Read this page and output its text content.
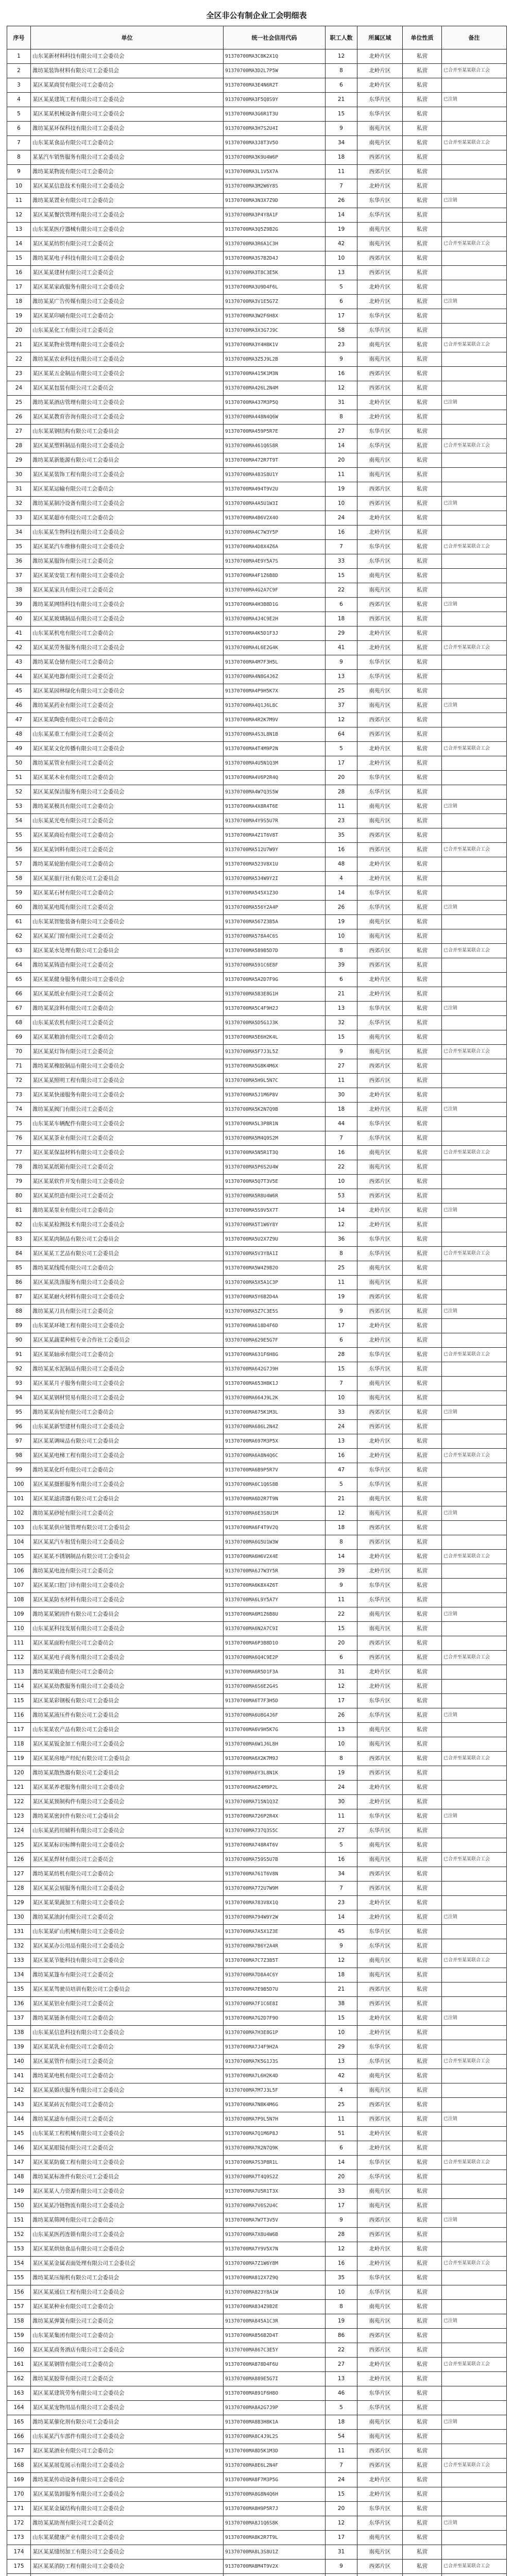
全区非公有制企业工会明细表
序号	单位	统一社会信用代码	职工人数	所属区域	单位性质	备注
1	山东某新材料科技有限公司工会委员会	91370700MA3C8K2X1Q	12	北岭片区	私营	
2	潍坊某装饰材料有限公司工会委员会	91370700MA3D2L7P5W	8	北岭片区	私营	已合并至某某联合工会
3	某区某某商贸有限公司工会委员会	91370700MA3E4N6R2T	6	北岭片区	私营	
4	某区某某建筑工程有限公司工会委员会	91370700MA3F5Q8S9Y	21	东华片区	私营	已注销
5	某区某某机械设备有限公司工会委员会	91370700MA3G6R1T3U	15	东华片区	私营	
6	潍坊某某环保科技有限公司工会委员会	91370700MA3H7S2U4I	9	南苑片区	私营	
7	山东某某食品有限公司工会委员会	91370700MA3J8T3V5O	34	南苑片区	私营	已合并至某某联合工会
8	某某汽车销售服务有限公司工会委员会	91370700MA3K9U4W6P	18	西郊片区	私营	
9	潍坊某某物流有限公司工会委员会	91370700MA3L1V5X7A	11	西郊片区	私营	
10	某区某某信息技术有限公司工会委员会	91370700MA3M2W6Y8S	7	北岭片区	私营	
11	潍坊某某置业有限公司工会委员会	91370700MA3N3X7Z9D	26	东华片区	私营	已注销
12	某区某某餐饮管理有限公司工会委员会	91370700MA3P4Y8A1F	14	东华片区	私营	
13	山东某某医疗器械有限公司工会委员会	91370700MA3Q5Z9B2G	19	南苑片区	私营	
14	某区某某纺织有限公司工会委员会	91370700MA3R6A1C3H	42	南苑片区	私营	已合并至某某联合工会
15	潍坊某某电子科技有限公司工会委员会	91370700MA3S7B2D4J	10	西郊片区	私营	
16	某区某某建材有限公司工会委员会	91370700MA3T8C3E5K	13	西郊片区	私营	
17	某区某某家政服务有限公司工会委员会	91370700MA3U9D4F6L	5	北岭片区	私营	
18	潍坊某某广告传媒有限公司工会委员会	91370700MA3V1E5G7Z	6	北岭片区	私营	已注销
19	某区某某印刷有限公司工会委员会	91370700MA3W2F6H8X	17	东华片区	私营	
20	山东某某化工有限公司工会委员会	91370700MA3X3G7J9C	58	东华片区	私营	
21	某区某某物业管理有限公司工会委员会	91370700MA3Y4H8K1V	23	南苑片区	私营	已合并至某某联合工会
22	潍坊某某农业科技有限公司工会委员会	91370700MA3Z5J9L2B	9	南苑片区	私营	
23	某区某某五金制品有限公司工会委员会	91370700MA415K1M3N	16	西郊片区	私营	
24	某区某某包装有限公司工会委员会	91370700MA426L2N4M	12	西郊片区	私营	
25	潍坊某某酒店管理有限公司工会委员会	91370700MA437M3P5Q	31	北岭片区	私营	已注销
26	某区某某教育咨询有限公司工会委员会	91370700MA448N4Q6W	8	北岭片区	私营	
27	山东某某钢结构有限公司工会委员会	91370700MA459P5R7E	27	东华片区	私营	
28	某区某某塑料制品有限公司工会委员会	91370700MA461Q6S8R	14	东华片区	私营	已合并至某某联合工会
29	潍坊某某新能源有限公司工会委员会	91370700MA472R7T9T	20	南苑片区	私营	
30	某区某某装饰工程有限公司工会委员会	91370700MA483S8U1Y	11	南苑片区	私营	
31	某区某某运输有限公司工会委员会	91370700MA494T9V2U	19	西郊片区	私营	
32	潍坊某某制冷设备有限公司工会委员会	91370700MA4A5U1W3I	10	西郊片区	私营	已注销
33	某区某某超市有限公司工会委员会	91370700MA4B6V2X4O	24	北岭片区	私营	
34	山东某某生物科技有限公司工会委员会	91370700MA4C7W3Y5P	16	北岭片区	私营	
35	某区某某汽车维修有限公司工会委员会	91370700MA4D8X4Z6A	7	东华片区	私营	已合并至某某联合工会
36	潍坊某某服饰有限公司工会委员会	91370700MA4E9Y5A7S	33	东华片区	私营	
37	某区某某安装工程有限公司工会委员会	91370700MA4F1Z6B8D	15	南苑片区	私营	
38	某区某某家具有限公司工会委员会	91370700MA4G2A7C9F	22	南苑片区	私营	
39	潍坊某某网络科技有限公司工会委员会	91370700MA4H3B8D1G	6	西郊片区	私营	已注销
40	某区某某玻璃制品有限公司工会委员会	91370700MA4J4C9E2H	18	西郊片区	私营	
41	山东某某机电有限公司工会委员会	91370700MA4K5D1F3J	29	北岭片区	私营	
42	某区某某劳务服务有限公司工会委员会	91370700MA4L6E2G4K	41	北岭片区	私营	已合并至某某联合工会
43	潍坊某某仓储有限公司工会委员会	91370700MA4M7F3H5L	9	东华片区	私营	
44	某区某某电器有限公司工会委员会	91370700MA4N8G4J6Z	13	东华片区	私营	
45	某区某某园林绿化有限公司工会委员会	91370700MA4P9H5K7X	25	南苑片区	私营	
46	潍坊某某药业有限公司工会委员会	91370700MA4Q1J6L8C	37	南苑片区	私营	已注销
47	某区某某陶瓷有限公司工会委员会	91370700MA4R2K7M9V	12	西郊片区	私营	
48	山东某某重工有限公司工会委员会	91370700MA4S3L8N1B	64	西郊片区	私营	
49	某区某某文化传播有限公司工会委员会	91370700MA4T4M9P2N	5	北岭片区	私营	已合并至某某联合工会
50	潍坊某某管业有限公司工会委员会	91370700MA4U5N1Q3M	17	北岭片区	私营	
51	某区某某木业有限公司工会委员会	91370700MA4V6P2R4Q	20	东华片区	私营	
52	某区某某保洁服务有限公司工会委员会	91370700MA4W7Q3S5W	28	东华片区	私营	
53	潍坊某某模具有限公司工会委员会	91370700MA4X8R4T6E	11	南苑片区	私营	已注销
54	山东某某光电有限公司工会委员会	91370700MA4Y9S5U7R	23	南苑片区	私营	
55	某区某某商砼有限公司工会委员会	91370700MA4Z1T6V8T	35	西郊片区	私营	
56	某区某某饲料有限公司工会委员会	91370700MA512U7W9Y	16	西郊片区	私营	已合并至某某联合工会
57	潍坊某某轮胎有限公司工会委员会	91370700MA523V8X1U	48	北岭片区	私营	
58	某区某某旅行社有限公司工会委员会	91370700MA534W9Y2I	4	北岭片区	私营	
59	某区某某石材有限公司工会委员会	91370700MA545X1Z3O	14	东华片区	私营	
60	潍坊某某电缆有限公司工会委员会	91370700MA556Y2A4P	26	东华片区	私营	已注销
61	山东某某智能装备有限公司工会委员会	91370700MA567Z3B5A	19	南苑片区	私营	
62	某区某某门窗有限公司工会委员会	91370700MA578A4C6S	10	南苑片区	私营	
63	某区某某水处理有限公司工会委员会	91370700MA589B5D7D	8	西郊片区	私营	已合并至某某联合工会
64	潍坊某某铸造有限公司工会委员会	91370700MA591C6E8F	39	西郊片区	私营	
65	某区某某健身服务有限公司工会委员会	91370700MA5A2D7F9G	6	北岭片区	私营	
66	某区某某纸业有限公司工会委员会	91370700MA5B3E8G1H	21	北岭片区	私营	
67	潍坊某某涂料有限公司工会委员会	91370700MA5C4F9H2J	13	东华片区	私营	已注销
68	山东某某农机有限公司工会委员会	91370700MA5D5G1J3K	32	东华片区	私营	
69	某区某某粮油有限公司工会委员会	91370700MA5E6H2K4L	15	南苑片区	私营	
70	某区某某灯饰有限公司工会委员会	91370700MA5F7J3L5Z	9	南苑片区	私营	已合并至某某联合工会
71	潍坊某某橡胶制品有限公司工会委员会	91370700MA5G8K4M6X	27	西郊片区	私营	
72	某区某某照明工程有限公司工会委员会	91370700MA5H9L5N7C	11	西郊片区	私营	
73	某区某某快递服务有限公司工会委员会	91370700MA5J1M6P8V	30	北岭片区	私营	
74	潍坊某某阀门有限公司工会委员会	91370700MA5K2N7Q9B	18	北岭片区	私营	已注销
75	山东某某车辆配件有限公司工会委员会	91370700MA5L3P8R1N	44	东华片区	私营	
76	某区某某茶业有限公司工会委员会	91370700MA5M4Q9S2M	7	东华片区	私营	
77	某区某某保温材料有限公司工会委员会	91370700MA5N5R1T3Q	16	南苑片区	私营	已合并至某某联合工会
78	潍坊某某纸箱有限公司工会委员会	91370700MA5P6S2U4W	22	南苑片区	私营	
79	某区某某软件开发有限公司工会委员会	91370700MA5Q7T3V5E	10	西郊片区	私营	
80	某区某某织造有限公司工会委员会	91370700MA5R8U4W6R	53	西郊片区	私营	
81	潍坊某某泵业有限公司工会委员会	91370700MA5S9V5X7T	14	北岭片区	私营	已注销
82	山东某某检测技术有限公司工会委员会	91370700MA5T1W6Y8Y	12	北岭片区	私营	
83	某区某某肉制品有限公司工会委员会	91370700MA5U2X7Z9U	36	东华片区	私营	
84	某区某某工艺品有限公司工会委员会	91370700MA5V3Y8A1I	8	东华片区	私营	已合并至某某联合工会
85	潍坊某某线缆有限公司工会委员会	91370700MA5W4Z9B2O	25	南苑片区	私营	
86	某区某某洗涤服务有限公司工会委员会	91370700MA5X5A1C3P	11	南苑片区	私营	
87	某区某某耐火材料有限公司工会委员会	91370700MA5Y6B2D4A	19	西郊片区	私营	
88	潍坊某某刀具有限公司工会委员会	91370700MA5Z7C3E5S	9	西郊片区	私营	已注销
89	山东某某环境工程有限公司工会委员会	91370700MA618D4F6D	17	北岭片区	私营	
90	某区某某蔬菜种植专业合作社工会委员会	93370700MA629E5G7F	6	北岭片区	私营	
91	某区某某轴承有限公司工会委员会	91370700MA631F6H8G	28	东华片区	私营	已合并至某某联合工会
92	潍坊某某水泥制品有限公司工会委员会	91370700MA642G7J9H	15	东华片区	私营	
93	某区某某月子服务有限公司工会委员会	91370700MA653H8K1J	7	南苑片区	私营	
94	某区某某钢材贸易有限公司工会委员会	91370700MA664J9L2K	10	南苑片区	私营	
95	潍坊某某齿轮有限公司工会委员会	91370700MA675K1M3L	33	西郊片区	私营	已注销
96	山东某某新型建材有限公司工会委员会	91370700MA686L2N4Z	24	西郊片区	私营	
97	某区某某调味品有限公司工会委员会	91370700MA697M3P5X	13	北岭片区	私营	
98	某区某某电梯工程有限公司工会委员会	91370700MA6A8N4Q6C	16	北岭片区	私营	已合并至某某联合工会
99	潍坊某某化纤有限公司工会委员会	91370700MA6B9P5R7V	47	东华片区	私营	
100	某区某某摄影服务有限公司工会委员会	91370700MA6C1Q6S8B	5	东华片区	私营	
101	某区某某滤清器有限公司工会委员会	91370700MA6D2R7T9N	21	南苑片区	私营	
102	潍坊某某砂轮有限公司工会委员会	91370700MA6E3S8U1M	12	南苑片区	私营	已注销
103	山东某某供应链管理有限公司工会委员会	91370700MA6F4T9V2Q	18	西郊片区	私营	
104	某区某某汽车租赁有限公司工会委员会	91370700MA6G5U1W3W	8	西郊片区	私营	
105	某区某某不锈钢制品有限公司工会委员会	91370700MA6H6V2X4E	14	北岭片区	私营	已合并至某某联合工会
106	潍坊某某电池有限公司工会委员会	91370700MA6J7W3Y5R	39	北岭片区	私营	
107	某区某某口腔门诊有限公司工会委员会	91370700MA6K8X4Z6T	9	东华片区	私营	
108	某区某某防水材料有限公司工会委员会	91370700MA6L9Y5A7Y	11	东华片区	私营	
109	潍坊某某紧固件有限公司工会委员会	91370700MA6M1Z6B8U	22	南苑片区	私营	已注销
110	山东某某科技发展有限公司工会委员会	91370700MA6N2A7C9I	15	南苑片区	私营	
111	某区某某面粉有限公司工会委员会	91370700MA6P3B8D1O	20	西郊片区	私营	
112	某区某某电子商务有限公司工会委员会	91370700MA6Q4C9E2P	6	西郊片区	私营	已合并至某某联合工会
113	潍坊某某锻造有限公司工会委员会	91370700MA6R5D1F3A	31	北岭片区	私营	
114	某区某某幼教服务有限公司工会委员会	91370700MA6S6E2G4S	12	北岭片区	私营	
115	某区某某彩钢板有限公司工会委员会	91370700MA6T7F3H5D	17	东华片区	私营	
116	潍坊某某液压件有限公司工会委员会	91370700MA6U8G4J6F	26	东华片区	私营	已注销
117	山东某某农产品有限公司工会委员会	91370700MA6V9H5K7G	13	南苑片区	私营	
118	某区某某钣金加工有限公司工会委员会	91370700MA6W1J6L8H	10	南苑片区	私营	
119	某区某某房地产经纪有限公司工会委员会	91370700MA6X2K7M9J	8	西郊片区	私营	已合并至某某联合工会
120	潍坊某某散热器有限公司工会委员会	91370700MA6Y3L8N1K	19	西郊片区	私营	
121	某区某某养老服务有限公司工会委员会	91370700MA6Z4M9P2L	24	北岭片区	私营	
122	某区某某预制构件有限公司工会委员会	91370700MA715N1Q3Z	30	北岭片区	私营	
123	潍坊某某密封件有限公司工会委员会	91370700MA726P2R4X	11	东华片区	私营	已注销
124	山东某某药用辅料有限公司工会委员会	91370700MA737Q3S5C	27	东华片区	私营	
125	某区某某标识标牌有限公司工会委员会	91370700MA748R4T6V	5	南苑片区	私营	
126	某区某某焊材有限公司工会委员会	91370700MA759S5U7B	16	南苑片区	私营	已合并至某某联合工会
127	潍坊某某纺机有限公司工会委员会	91370700MA761T6V8N	34	西郊片区	私营	
128	某区某某会展服务有限公司工会委员会	91370700MA772U7W9M	7	西郊片区	私营	
129	某区某某果蔬加工有限公司工会委员会	91370700MA783V8X1Q	23	北岭片区	私营	
130	潍坊某某油封有限公司工会委员会	91370700MA794W9Y2W	14	北岭片区	私营	已注销
131	山东某某矿山机械有限公司工会委员会	91370700MA7A5X1Z3E	45	东华片区	私营	
132	某区某某办公用品有限公司工会委员会	91370700MA7B6Y2A4R	9	东华片区	私营	
133	某区某某节能科技有限公司工会委员会	91370700MA7C7Z3B5T	12	南苑片区	私营	已合并至某某联合工会
134	潍坊某某篷布有限公司工会委员会	91370700MA7D8A4C6Y	18	南苑片区	私营	
135	某区某某驾驶员培训有限公司工会委员会	91370700MA7E9B5D7U	21	西郊片区	私营	
136	某区某某铝业有限公司工会委员会	91370700MA7F1C6E8I	38	西郊片区	私营	
137	潍坊某某链条有限公司工会委员会	91370700MA7G2D7F9O	15	北岭片区	私营	已注销
138	山东某某信息科技有限公司工会委员会	91370700MA7H3E8G1P	10	北岭片区	私营	
139	某区某某乳业有限公司工会委员会	91370700MA7J4F9H2A	29	东华片区	私营	
140	某区某某管件有限公司工会委员会	91370700MA7K5G1J3S	13	东华片区	私营	已合并至某某联合工会
141	潍坊某某电机有限公司工会委员会	91370700MA7L6H2K4D	42	南苑片区	私营	
142	某区某某婚庆服务有限公司工会委员会	91370700MA7M7J3L5F	4	南苑片区	私营	
143	某区某某砖瓦有限公司工会委员会	91370700MA7N8K4M6G	25	西郊片区	私营	
144	潍坊某某滤布有限公司工会委员会	91370700MA7P9L5N7H	11	西郊片区	私营	已注销
145	山东某某工程机械有限公司工会委员会	91370700MA7Q1M6P8J	51	北岭片区	私营	
146	某区某某眼镜有限公司工会委员会	91370700MA7R2N7Q9K	6	北岭片区	私营	
147	某区某某防腐工程有限公司工会委员会	91370700MA7S3P8R1L	14	东华片区	私营	已合并至某某联合工会
148	潍坊某某标准件有限公司工会委员会	91370700MA7T4Q9S2Z	20	东华片区	私营	
149	某区某某人力资源有限公司工会委员会	91370700MA7U5R1T3X	33	南苑片区	私营	
150	某区某某冷链物流有限公司工会委员会	91370700MA7V6S2U4C	17	南苑片区	私营	
151	潍坊某某筛网有限公司工会委员会	91370700MA7W7T3V5V	9	西郊片区	私营	已注销
152	山东某某医药连锁有限公司工会委员会	91370700MA7X8U4W6B	28	西郊片区	私营	
153	某区某某烘焙食品有限公司工会委员会	91370700MA7Y9V5X7N	12	北岭片区	私营	
154	某区某某金属表面处理有限公司工会委员会	91370700MA7Z1W6Y8M	16	北岭片区	私营	已合并至某某联合工会
155	潍坊某某压缩机有限公司工会委员会	91370700MA812X7Z9Q	35	东华片区	私营	
156	某区某某通信工程有限公司工会委员会	91370700MA823Y8A1W	10	东华片区	私营	
157	某区某某种业有限公司工会委员会	91370700MA834Z9B2E	8	南苑片区	私营	
158	潍坊某某弹簧有限公司工会委员会	91370700MA845A1C3R	19	南苑片区	私营	已注销
159	山东某某集团有限公司工会委员会	91370700MA856B2D4T	86	西郊片区	私营	
160	某区某某商务酒店有限公司工会委员会	91370700MA867C3E5Y	22	西郊片区	私营	
161	某区某某钢管有限公司工会委员会	91370700MA878D4F6U	27	北岭片区	私营	已合并至某某联合工会
162	潍坊某某胶带有限公司工会委员会	91370700MA889E5G7I	13	北岭片区	私营	
163	某区某某建筑劳务有限公司工会委员会	91370700MA891F6H8O	46	东华片区	私营	
164	某区某某宠物用品有限公司工会委员会	91370700MA8A2G7J9P	5	东华片区	私营	
165	潍坊某某催化剂有限公司工会委员会	91370700MA8B3H8K1A	18	南苑片区	私营	已注销
166	山东某某汽车部件有限公司工会委员会	91370700MA8C4J9L2S	54	南苑片区	私营	
167	某区某某酒业有限公司工会委员会	91370700MA8D5K1M3D	11	西郊片区	私营	
168	某区某某展览展示有限公司工会委员会	91370700MA8E6L2N4F	7	西郊片区	私营	已合并至某某联合工会
169	潍坊某某传动设备有限公司工会委员会	91370700MA8F7M3P5G	24	北岭片区	私营	
170	某区某某装卸服务有限公司工会委员会	91370700MA8G8N4Q6H	15	北岭片区	私营	
171	某区某某金属结构有限公司工会委员会	91370700MA8H9P5R7J	20	东华片区	私营	
172	潍坊某某助剂有限公司工会委员会	91370700MA8J1Q6S8K	12	东华片区	私营	已注销
173	山东某某健康产业有限公司工会委员会	91370700MA8K2R7T9L	17	南苑片区	私营	
174	某区某某缝纫加工有限公司工会委员会	91370700MA8L3S8U1Z	31	南苑片区	私营	
175	某区某某消防工程有限公司工会委员会	91370700MA8M4T9V2X	9	西郊片区	私营	已合并至某某联合工会
